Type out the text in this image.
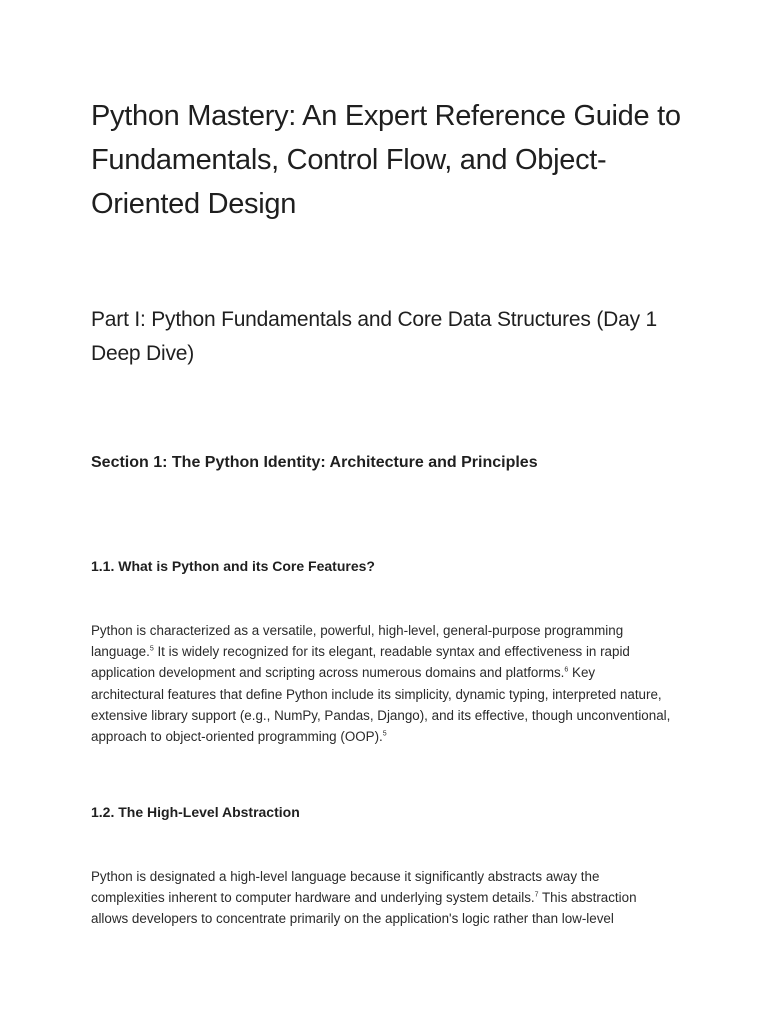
Python Mastery: An Expert Reference Guide to Fundamentals, Control Flow, and Object-Oriented Design
Part I: Python Fundamentals and Core Data Structures (Day 1 Deep Dive)
Section 1: The Python Identity: Architecture and Principles
1.1. What is Python and its Core Features?

Python is characterized as a versatile, powerful, high-level, general-purpose programming language.$^5$ It is widely recognized for its elegant, readable syntax and effectiveness in rapid application development and scripting across numerous domains and platforms.$^6$ Key architectural features that define Python include its simplicity, dynamic typing, interpreted nature, extensive library support (e.g., NumPy, Pandas, Django), and its effective, though unconventional, approach to object-oriented programming (OOP).$^5$

1.2. The High-Level Abstraction

Python is designated a high-level language because it significantly abstracts away the complexities inherent to computer hardware and underlying system details.$^7$ This abstraction allows developers to concentrate primarily on the application's logic rather than low-level
